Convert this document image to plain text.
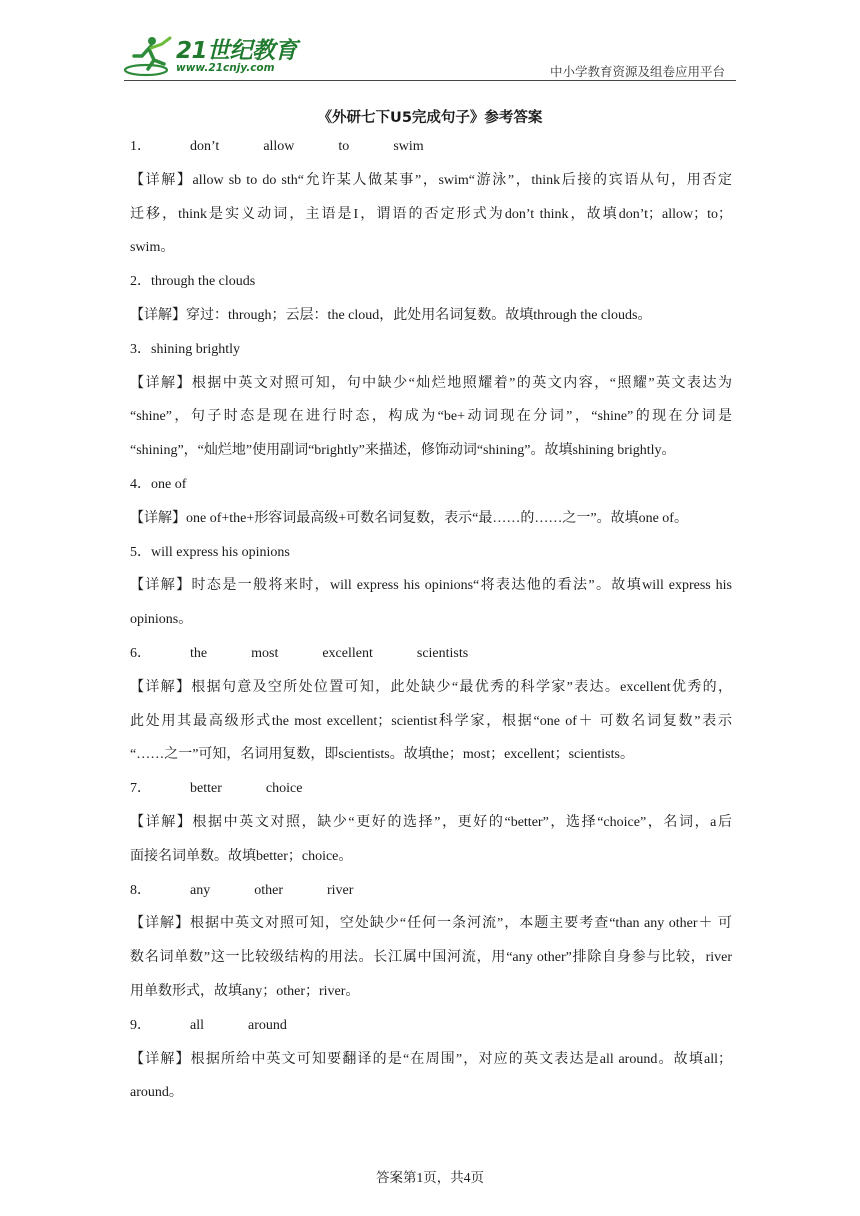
21世纪教育
www.21cnjy.com	中小学教育资源及组卷应用平台
《外研七下U5完成句子》参考答案
1．	don’t	allow	to	swim
【详解】allow sb to do sth“允许某人做某事”，swim“游泳”，think后接的宾语从句，用否定
迁移，think是实义动词，主语是I，谓语的否定形式为don’t think，故填don’t；allow；to；
swim。
2．through the clouds
【详解】穿过：through；云层：the cloud，此处用名词复数。故填through the clouds。
3．shining brightly
【详解】根据中英文对照可知，句中缺少“灿烂地照耀着”的英文内容，“照耀”英文表达为
“shine”，句子时态是现在进行时态，构成为“be+动词现在分词”，“shine”的现在分词是
“shining”，“灿烂地”使用副词“brightly”来描述，修饰动词“shining”。故填shining brightly。
4．one of
【详解】one of+the+形容词最高级+可数名词复数，表示“最……的……之一”。故填one of。
5．will express his opinions
【详解】时态是一般将来时，will express his opinions“将表达他的看法”。故填will express his
opinions。
6．	the	most	excellent	scientists
【详解】根据句意及空所处位置可知，此处缺少“最优秀的科学家”表达。excellent优秀的，
此处用其最高级形式the most excellent；scientist科学家，根据“one of＋ 可数名词复数”表示
“……之一”可知，名词用复数，即scientists。故填the；most；excellent；scientists。
7．	better	choice
【详解】根据中英文对照，缺少“更好的选择”，更好的“better”，选择“choice”，名词，a后
面接名词单数。故填better；choice。
8．	any	other	river
【详解】根据中英文对照可知，空处缺少“任何一条河流”，本题主要考查“than any other＋ 可
数名词单数”这一比较级结构的用法。长江属中国河流，用“any other”排除自身参与比较，river
用单数形式，故填any；other；river。
9．	all	around
【详解】根据所给中英文可知要翻译的是“在周围”，对应的英文表达是all around。故填all；
around。
答案第1页，共4页
